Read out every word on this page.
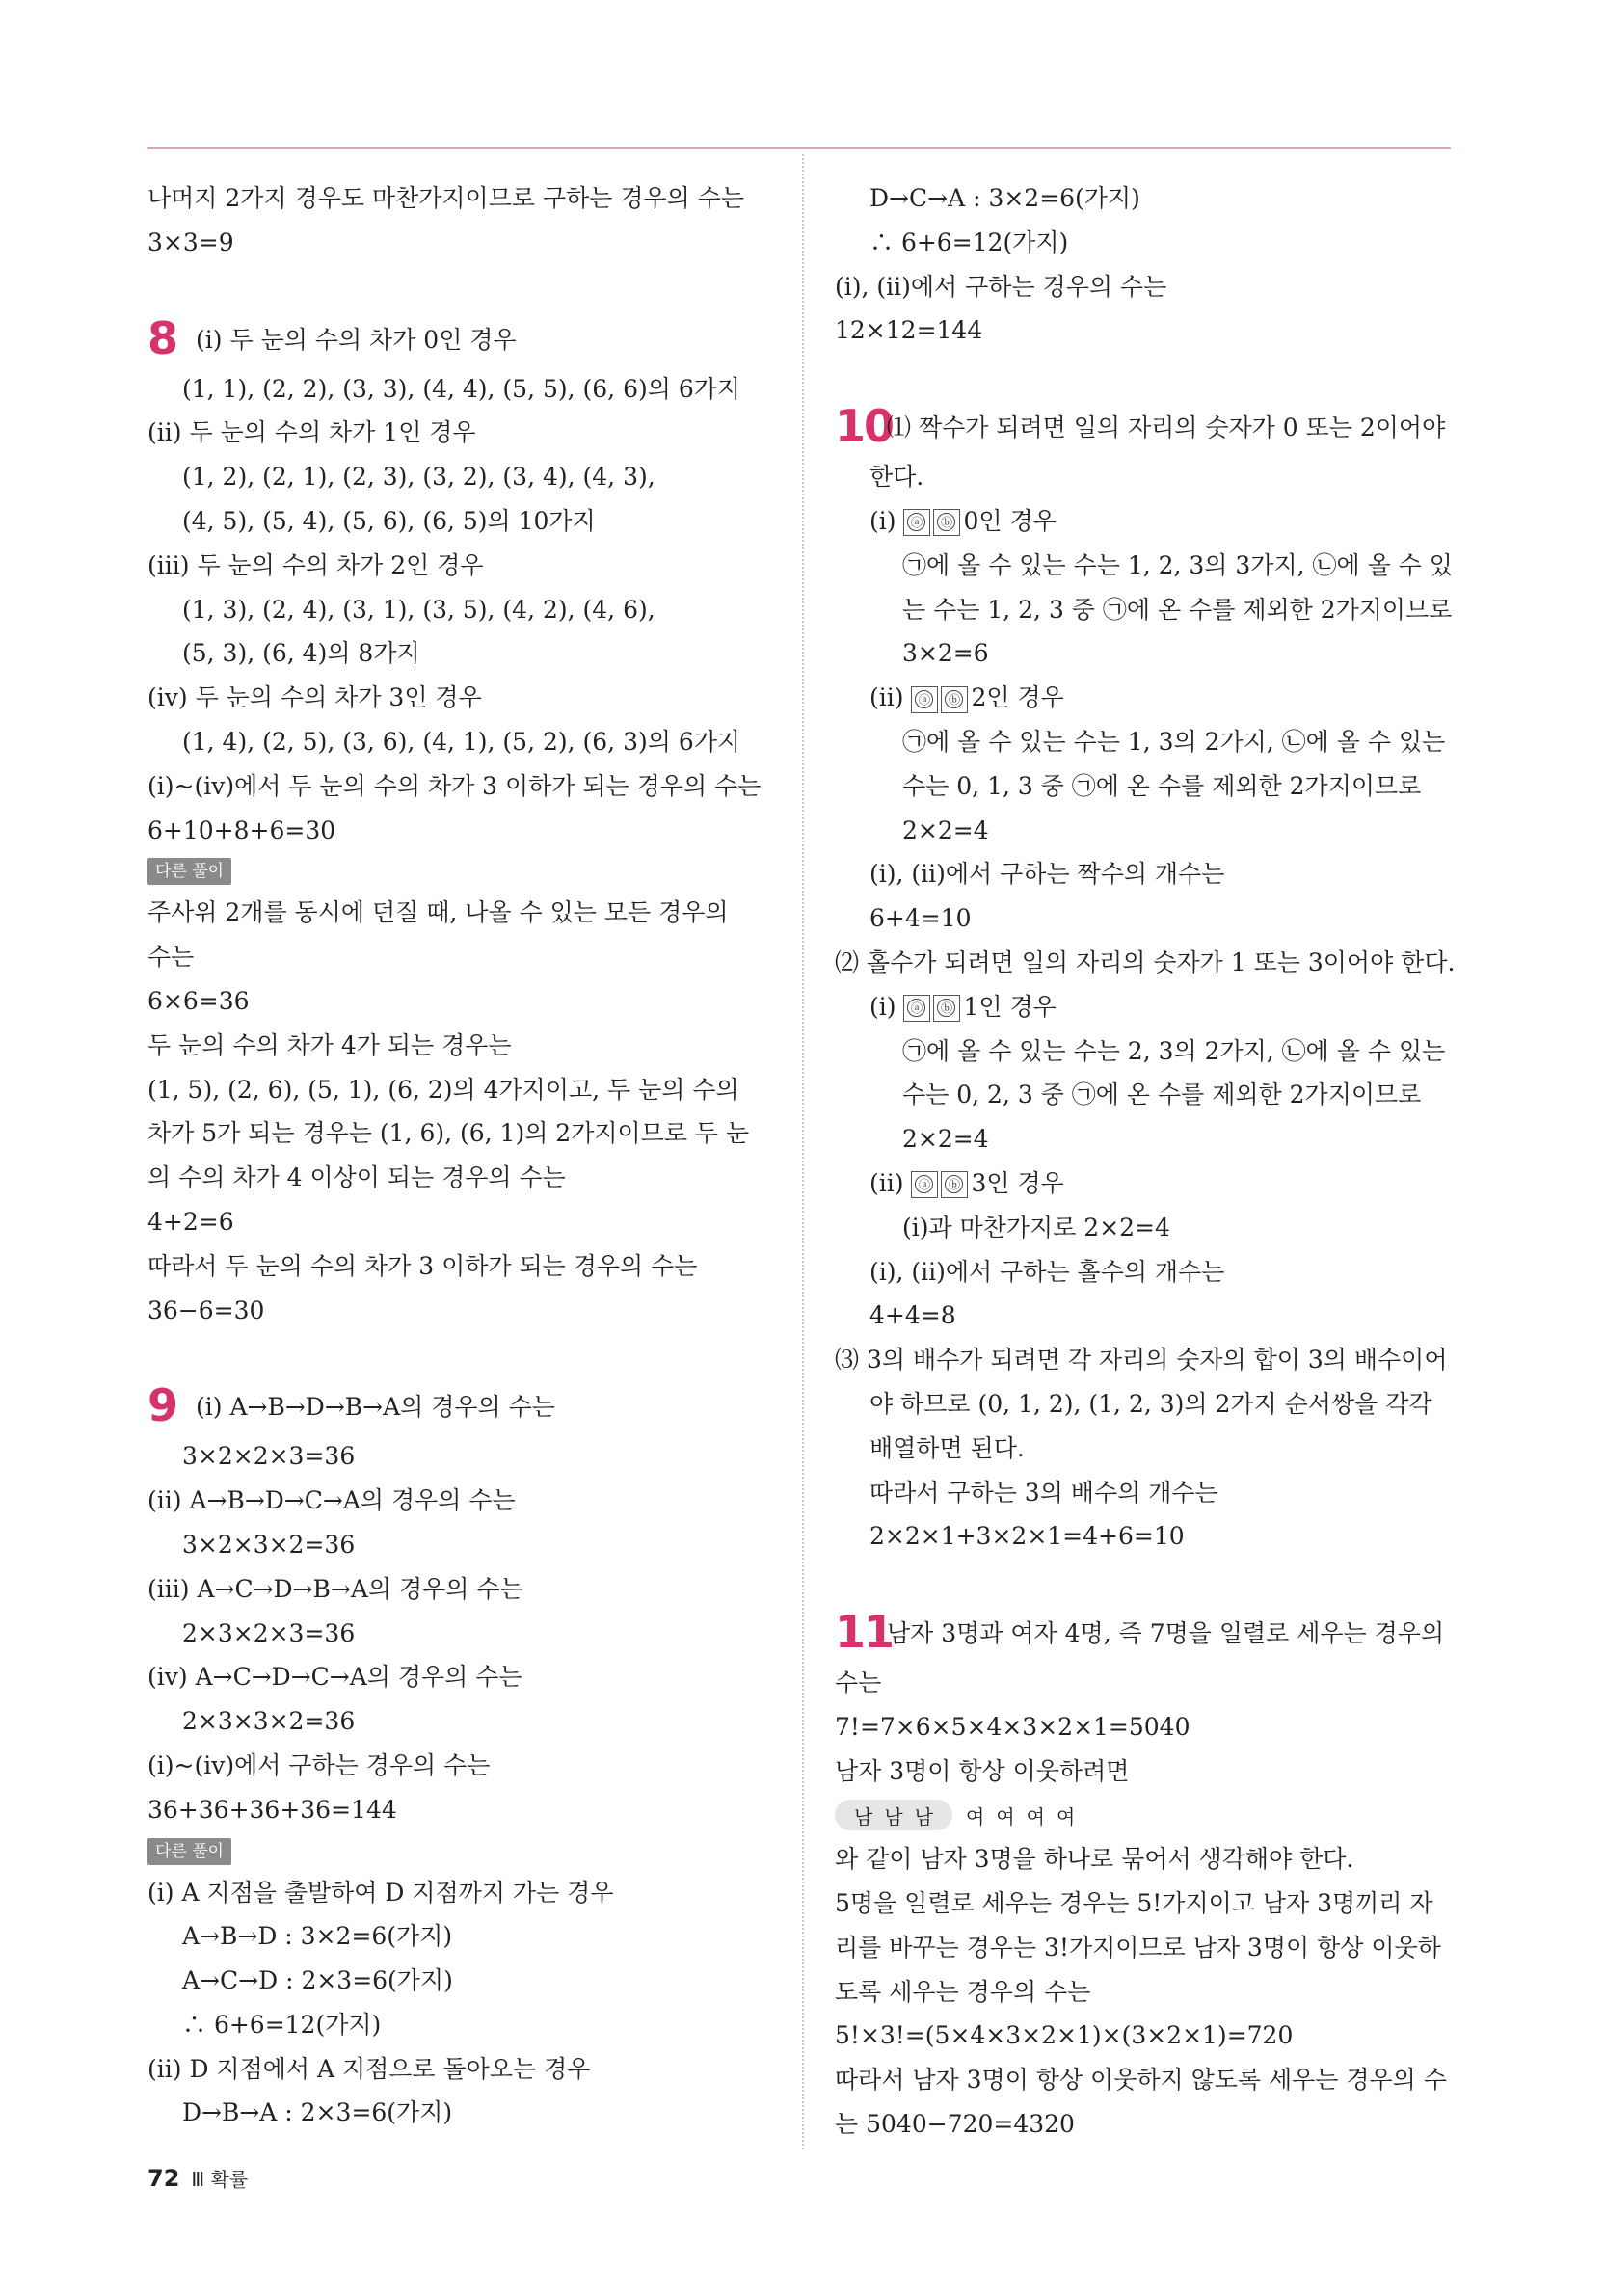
나머지 2가지 경우도 마찬가지이므로 구하는 경우의 수는
3×3=9
8 (ⅰ) 두 눈의 수의 차가 0인 경우
(1, 1), (2, 2), (3, 3), (4, 4), (5, 5), (6, 6)의 6가지
(ⅱ) 두 눈의 수의 차가 1인 경우
(1, 2), (2, 1), (2, 3), (3, 2), (3, 4), (4, 3),
(4, 5), (5, 4), (5, 6), (6, 5)의 10가지
(ⅲ) 두 눈의 수의 차가 2인 경우
(1, 3), (2, 4), (3, 1), (3, 5), (4, 2), (4, 6),
(5, 3), (6, 4)의 8가지
(ⅳ) 두 눈의 수의 차가 3인 경우
(1, 4), (2, 5), (3, 6), (4, 1), (5, 2), (6, 3)의 6가지
(ⅰ)~(ⅳ)에서 두 눈의 수의 차가 3 이하가 되는 경우의 수는
6+10+8+6=30
다른 풀이
주사위 2개를 동시에 던질 때, 나올 수 있는 모든 경우의
수는
6×6=36
두 눈의 수의 차가 4가 되는 경우는
(1, 5), (2, 6), (5, 1), (6, 2)의 4가지이고, 두 눈의 수의
차가 5가 되는 경우는 (1, 6), (6, 1)의 2가지이므로 두 눈
의 수의 차가 4 이상이 되는 경우의 수는
4+2=6
따라서 두 눈의 수의 차가 3 이하가 되는 경우의 수는
36−6=30
9 (ⅰ) A→B→D→B→A의 경우의 수는
3×2×2×3=36
(ⅱ) A→B→D→C→A의 경우의 수는
3×2×3×2=36
(ⅲ) A→C→D→B→A의 경우의 수는
2×3×2×3=36
(ⅳ) A→C→D→C→A의 경우의 수는
2×3×3×2=36
(ⅰ)~(ⅳ)에서 구하는 경우의 수는
36+36+36+36=144
다른 풀이
(ⅰ) A 지점을 출발하여 D 지점까지 가는 경우
A→B→D : 3×2=6(가지)
A→C→D : 2×3=6(가지)
∴ 6+6=12(가지)
(ⅱ) D 지점에서 A 지점으로 돌아오는 경우
D→B→A : 2×3=6(가지)
D→C→A : 3×2=6(가지)
∴ 6+6=12(가지)
(ⅰ), (ⅱ)에서 구하는 경우의 수는
12×12=144
10
⑴ 짝수가 되려면 일의 자리의 숫자가 0 또는 2이어야
한다.
(ⅰ) ⓐ ⓑ 0인 경우
㉠에 올 수 있는 수는 1, 2, 3의 3가지, ㉡에 올 수 있
는 수는 1, 2, 3 중 ㉠에 온 수를 제외한 2가지이므로
3×2=6
(ⅱ) ⓐ ⓑ 2인 경우
㉠에 올 수 있는 수는 1, 3의 2가지, ㉡에 올 수 있는
수는 0, 1, 3 중 ㉠에 온 수를 제외한 2가지이므로
2×2=4
(ⅰ), (ⅱ)에서 구하는 짝수의 개수는
6+4=10
⑵ 홀수가 되려면 일의 자리의 숫자가 1 또는 3이어야 한다.
(ⅰ) ⓐ ⓑ 1인 경우
㉠에 올 수 있는 수는 2, 3의 2가지, ㉡에 올 수 있는
수는 0, 2, 3 중 ㉠에 온 수를 제외한 2가지이므로
2×2=4
(ⅱ) ⓐ ⓑ 3인 경우
(ⅰ)과 마찬가지로 2×2=4
(ⅰ), (ⅱ)에서 구하는 홀수의 개수는
4+4=8
⑶ 3의 배수가 되려면 각 자리의 숫자의 합이 3의 배수이어
야 하므로 (0, 1, 2), (1, 2, 3)의 2가지 순서쌍을 각각
배열하면 된다.
따라서 구하는 3의 배수의 개수는
2×2×1+3×2×1=4+6=10
11
남자 3명과 여자 4명, 즉 7명을 일렬로 세우는 경우의
수는
7!=7×6×5×4×3×2×1=5040
남자 3명이 항상 이웃하려면
남 남 남 여 여 여 여
와 같이 남자 3명을 하나로 묶어서 생각해야 한다.
5명을 일렬로 세우는 경우는 5!가지이고 남자 3명끼리 자
리를 바꾸는 경우는 3!가지이므로 남자 3명이 항상 이웃하
도록 세우는 경우의 수는
5!×3!=(5×4×3×2×1)×(3×2×1)=720
따라서 남자 3명이 항상 이웃하지 않도록 세우는 경우의 수
는 5040−720=4320
72 Ⅲ 확률
